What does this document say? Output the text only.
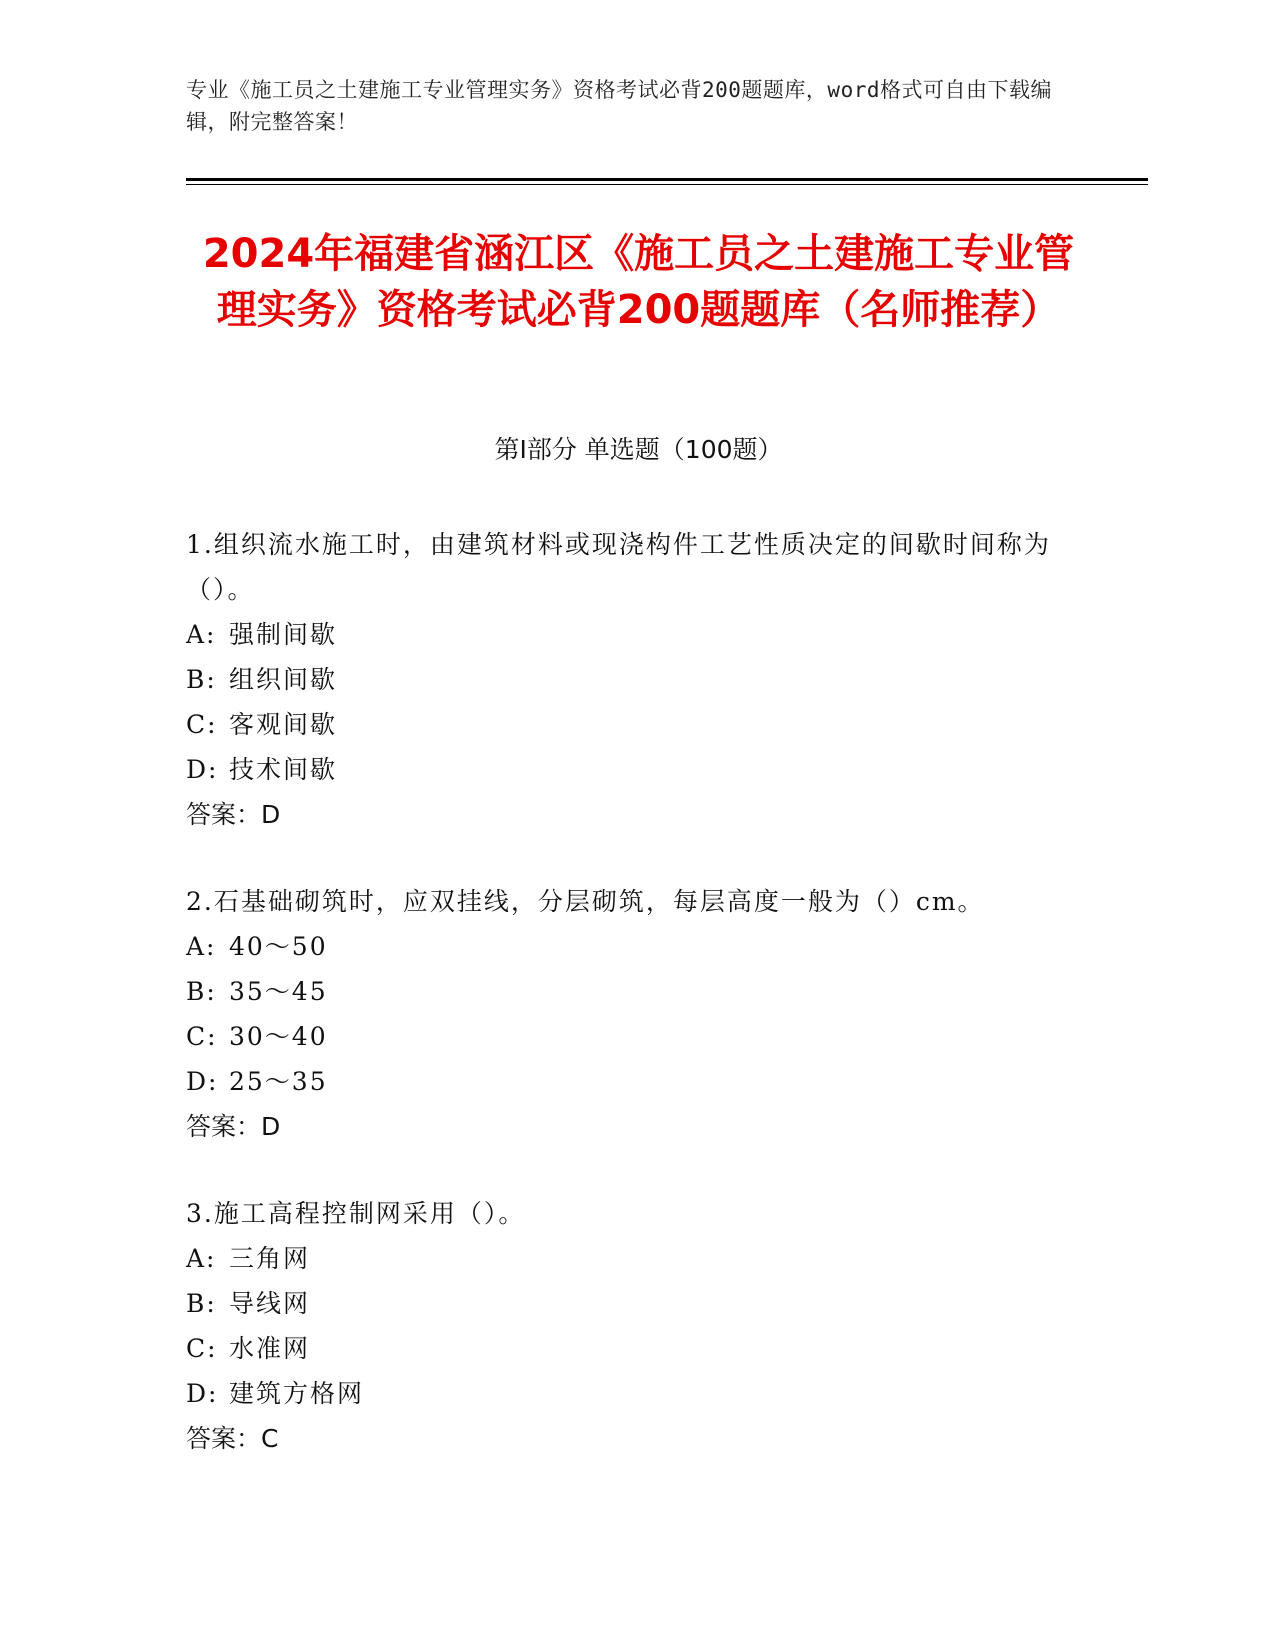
专业《施工员之土建施工专业管理实务》资格考试必背200题题库，word格式可自由下载编辑，附完整答案！
2024年福建省涵江区《施工员之土建施工专业管理实务》资格考试必背200题题库（名师推荐）
第I部分 单选题（100题）

1.组织流水施工时，由建筑材料或现浇构件工艺性质决定的间歇时间称为（）。

A: 强制间歇
B: 组织间歇
C: 客观间歇
D: 技术间歇
答案： D

2.石基础砌筑时，应双挂线，分层砌筑，每层高度一般为（）cm。

A: 40～50
B: 35～45
C: 30～40
D: 25～35
答案： D

3.施工高程控制网采用（）。

A: 三角网
B: 导线网
C: 水准网
D: 建筑方格网
答案： C
